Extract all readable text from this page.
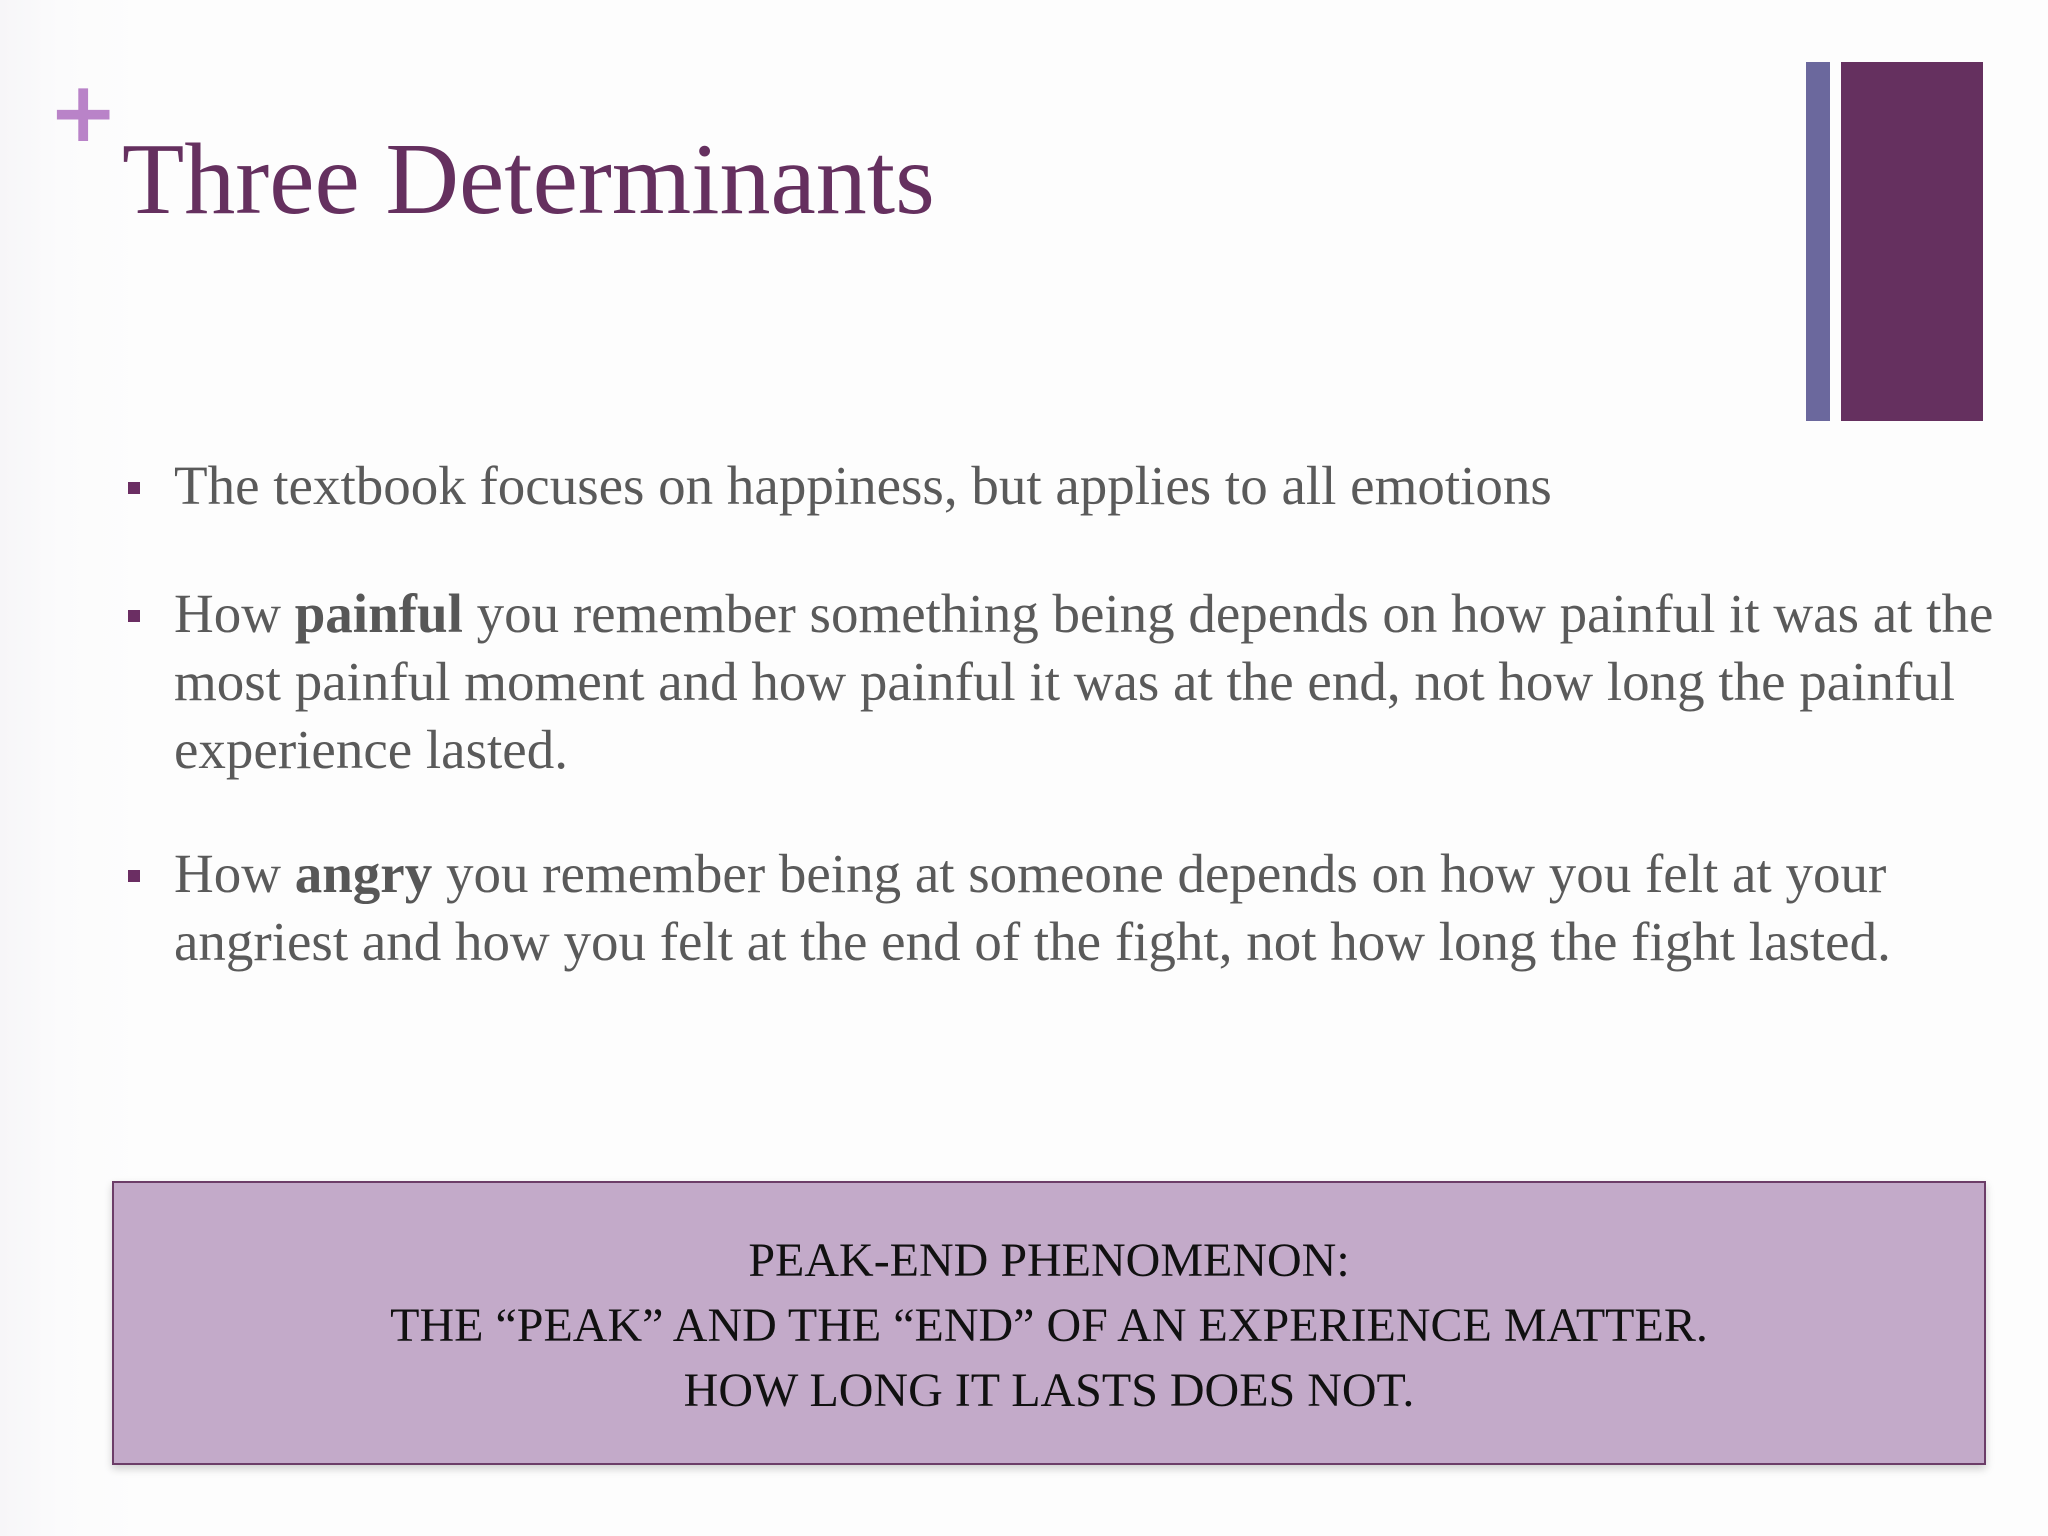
+
Three Determinants
The textbook focuses on happiness, but applies to all emotions
How painful you remember something being depends on how painful it was at the most painful moment and how painful it was at the end, not how long the painful experience lasted.
How angry you remember being at someone depends on how you felt at your angriest and how you felt at the end of the fight, not how long the fight lasted.
PEAK-END PHENOMENON:
THE “PEAK” AND THE “END” OF AN EXPERIENCE MATTER.
HOW LONG IT LASTS DOES NOT.
